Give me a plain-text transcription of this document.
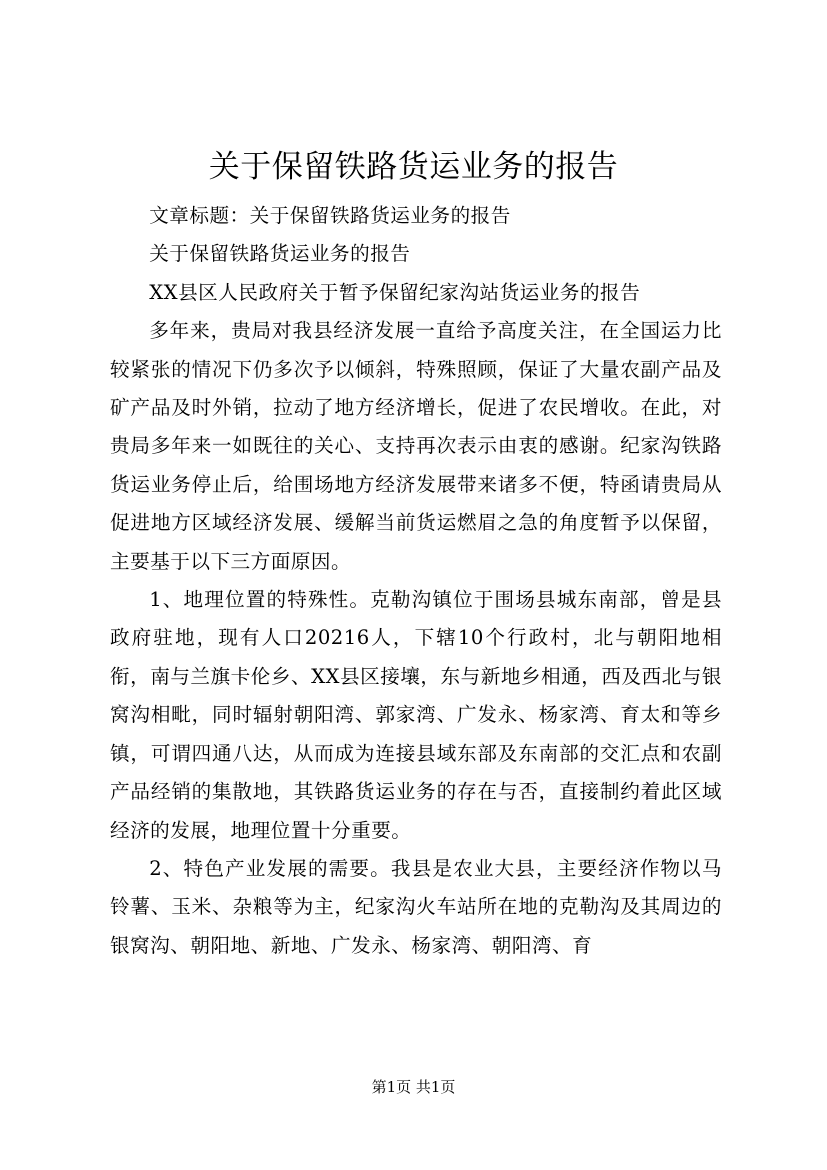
关于保留铁路货运业务的报告

文章标题：关于保留铁路货运业务的报告

关于保留铁路货运业务的报告

XX县区人民政府关于暂予保留纪家沟站货运业务的报告

多年来，贵局对我县经济发展一直给予高度关注，在全国运力比较紧张的情况下仍多次予以倾斜，特殊照顾，保证了大量农副产品及矿产品及时外销，拉动了地方经济增长，促进了农民增收。在此，对贵局多年来一如既往的关心、支持再次表示由衷的感谢。纪家沟铁路货运业务停止后，给围场地方经济发展带来诸多不便，特函请贵局从促进地方区域经济发展、缓解当前货运燃眉之急的角度暂予以保留，主要基于以下三方面原因。

1、地理位置的特殊性。克勒沟镇位于围场县城东南部，曾是县政府驻地，现有人口20216人，下辖10个行政村，北与朝阳地相衔，南与兰旗卡伦乡、XX县区接壤，东与新地乡相通，西及西北与银窝沟相毗，同时辐射朝阳湾、郭家湾、广发永、杨家湾、育太和等乡镇，可谓四通八达，从而成为连接县域东部及东南部的交汇点和农副产品经销的集散地，其铁路货运业务的存在与否，直接制约着此区域经济的发展，地理位置十分重要。

2、特色产业发展的需要。我县是农业大县，主要经济作物以马铃薯、玉米、杂粮等为主，纪家沟火车站所在地的克勒沟及其周边的银窝沟、朝阳地、新地、广发永、杨家湾、朝阳湾、育

第1页 共1页
